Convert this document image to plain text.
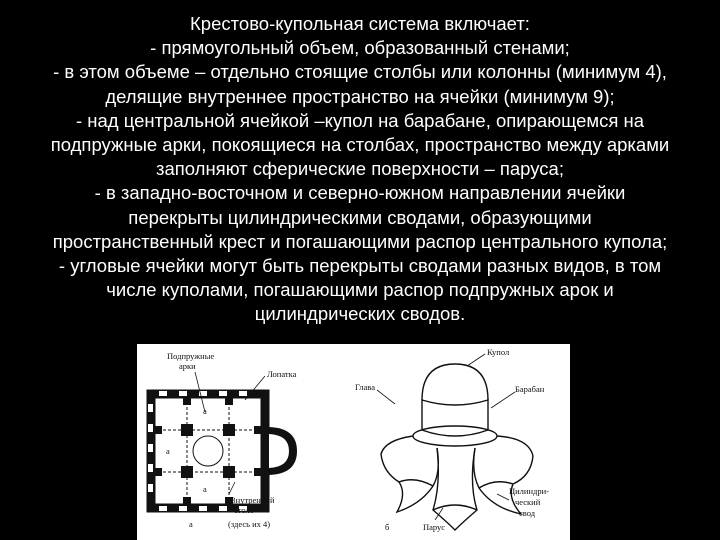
Крестово-купольная система включает:
- прямоугольный объем, образованный стенами;
- в этом объеме – отдельно стоящие столбы или колонны (минимум 4),
делящие внутреннее пространство на ячейки (минимум 9);
- над центральной ячейкой –купол на барабане, опирающемся на
подпружные арки, покоящиеся на столбах, пространство между арками
заполняют сферические поверхности – паруса;
- в западно-восточном и северно-южном направлении ячейки
перекрыты цилиндрическими сводами, образующими
пространственный крест и погашающими распор центрального купола;
- угловые ячейки могут быть перекрыты сводами разных видов, в том
числе куполами, погашающими распор подпружных арок и
цилиндрических сводов.
Подпружные
арки
Лопатка
Внутренний
столб
(здесь их 4)
а
а
а
а
Купол
Глава	Барабан
Цилиндри-
ческий
свод
Парус
б
